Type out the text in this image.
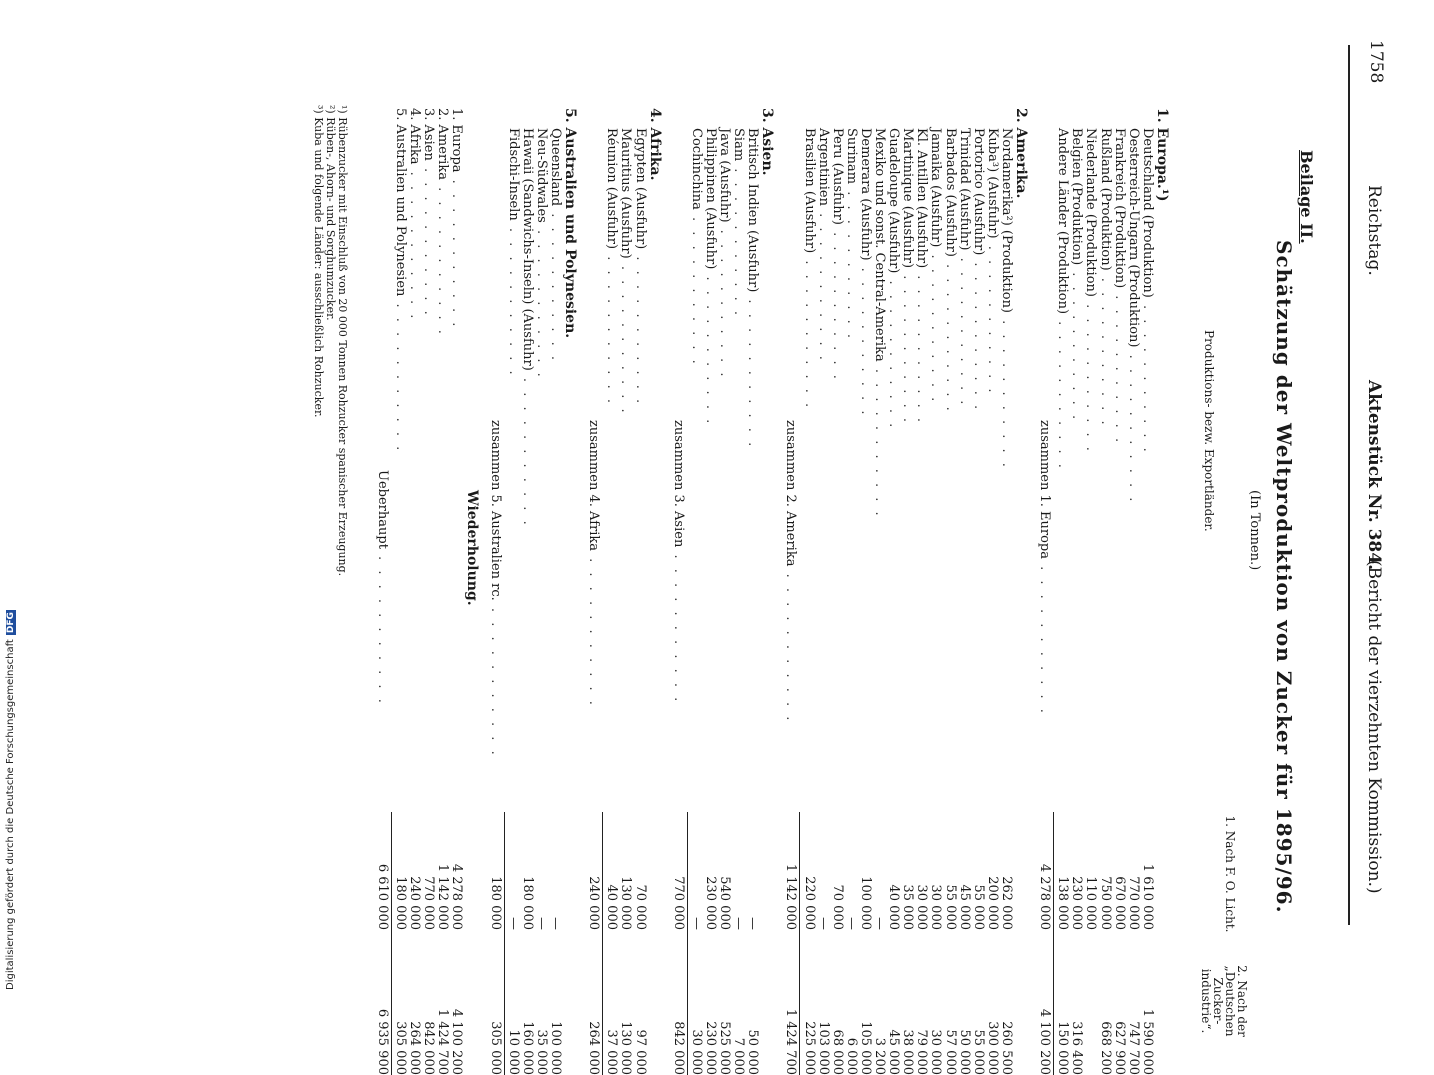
Digitalisierung gefördert durch die Deutsche ForschungsgemeinschaftDFG
1758
Reichstag.
Aktenstück Nr. 384.
(Bericht der vierzehnten Kommission.)
Beilage II.
Schätzung der Weltproduktion von Zucker für 1895/96.
(In Tonnen.)
Produktions- bezw. Exportländer.
1. Nach F. O. Licht.
2. Nach der „Deutschen Zucker-industrie“.
1. Europa.¹)
Deutschland (Produktion) . . . . . . . . . . .
1 610 000
1 590 000
Oesterreich-Ungarn (Produktion) . . . . . . . . . . .
770 000
747 700
Frankreich (Produktion) . . . . . . . . . . .
670 000
627 900
Rußland (Produktion) . . . . . . . . . . .
750 000
668 200
Niederlande (Produktion) . . . . . . . . . . .
110 000
Belgien (Produktion) . . . . . . . . . . .
230 000
316 400
Andere Länder (Produktion) . . . . . . . . . . .
138 000
150 000
zusammen 1. Europa . . . . . . . . . . .
4 278 000
4 100 200
2. Amerika.
Nordamerika²) (Produktion) . . . . . . . . . . .
262 000
260 500
Kuba³) (Ausfuhr) . . . . . . . . . . .
200 000
300 000
Portorico (Ausfuhr) . . . . . . . . . . .
55 000
55 000
Trinidad (Ausfuhr) . . . . . . . . . . .
45 000
50 000
Barbados (Ausfuhr) . . . . . . . . . . .
55 000
57 000
Jamaika (Ausfuhr) . . . . . . . . . . .
30 000
30 000
Kl. Antillen (Ausfuhr) . . . . . . . . . . .
30 000
79 000
Martinique (Ausfuhr) . . . . . . . . . . .
35 000
38 000
Guadeloupe (Ausfuhr) . . . . . . . . . . .
40 000
45 000
Mexiko und sonst. Central-Amerika . . . . . . . . . . .
—
3 200
Demerara (Ausfuhr) . . . . . . . . . . .
100 000
105 000
Surinam . . . . . . . . . . .
—
6 000
Peru (Ausfuhr) . . . . . . . . . . .
70 000
68 000
Argentinien . . . . . . . . . . .
—
103 000
Brasilien (Ausfuhr) . . . . . . . . . . .
220 000
225 000
zusammen 2. Amerika . . . . . . . . . . .
1 142 000
1 424 700
3. Asien.
Britisch Indien (Ausfuhr) . . . . . . . . . . .
—
50 000
Siam . . . . . . . . . . .
—
7 000
Java (Ausfuhr) . . . . . . . . . . .
540 000
525 000
Philippinen (Ausfuhr) . . . . . . . . . . .
230 000
230 000
Cochinchina . . . . . . . . . . .
—
30 000
zusammen 3. Asien . . . . . . . . . . .
770 000
842 000
4. Afrika.
Egypten (Ausfuhr) . . . . . . . . . . .
70 000
97 000
Mauritius (Ausfuhr) . . . . . . . . . . .
130 000
130 000
Réunion (Ausfuhr) . . . . . . . . . . .
40 000
37 000
zusammen 4. Afrika . . . . . . . . . . .
240 000
264 000
5. Australien und Polynesien.
Queensland . . . . . . . . . . .
—
100 000
Neu-Südwales . . . . . . . . . . .
—
35 000
Hawaii (Sandwichs-Inseln) (Ausfuhr) . . . . . . . . . . .
180 000
160 000
Fidschi-Inseln . . . . . . . . . . .
—
10 000
zusammen 5. Australien rc. . . . . . . . . . . .
180 000
305 000
Wiederholung.
1. Europa . . . . . . . . . . .
4 278 000
4 100 200
2. Amerika . . . . . . . . . . .
1 142 000
1 424 700
3. Asien . . . . . . . . . . .
770 000
842 000
4. Afrika . . . . . . . . . . .
240 000
264 000
5. Australien und Polynesien . . . . . . . . . . .
180 000
305 000
Ueberhaupt . . . . . . . . . . .
6 610 000
6 935 900
¹) Rübenzucker mit Einschluß von 20 000 Tonnen Rohzucker spanischer Erzeugung.
²) Rüben-, Ahorn- und Sorghumzucker.
³) Kuba und folgende Länder: ausschließlich Rohzucker.
